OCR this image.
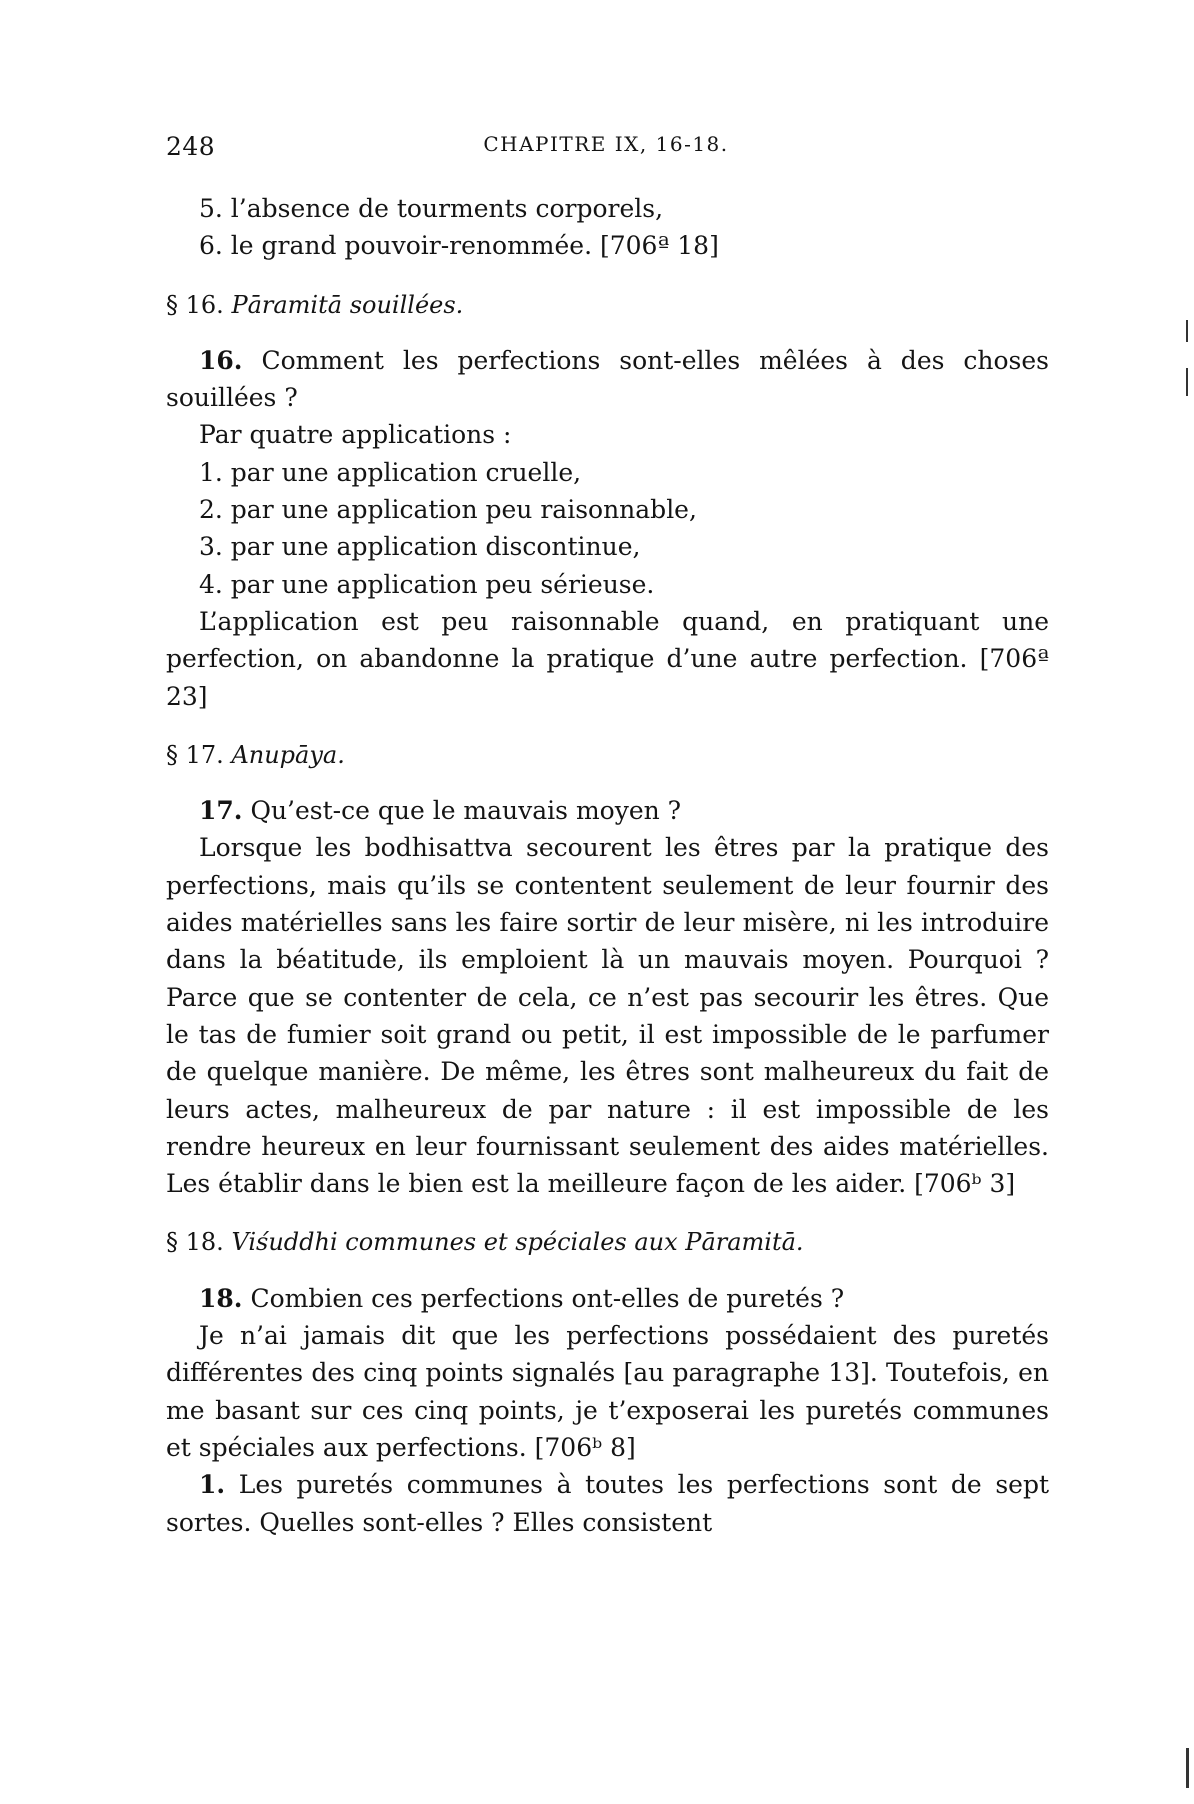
248	CHAPITRE IX, 16-18.

5. l’absence de tourments corporels,

6. le grand pouvoir-renommée. [706ª 18]

§ 16. Pāramitā souillées.

16. Comment les perfections sont-elles mêlées à des choses souillées ?

Par quatre applications :

1. par une application cruelle,

2. par une application peu raisonnable,

3. par une application discontinue,

4. par une application peu sérieuse.

L’application est peu raisonnable quand, en pratiquant une perfection, on abandonne la pratique d’une autre perfection. [706ª 23]

§ 17. Anupāya.

17. Qu’est-ce que le mauvais moyen ?

Lorsque les bodhisattva secourent les êtres par la pratique des perfections, mais qu’ils se contentent seulement de leur fournir des aides matérielles sans les faire sortir de leur misère, ni les introduire dans la béatitude, ils emploient là un mauvais moyen. Pourquoi ? Parce que se contenter de cela, ce n’est pas secourir les êtres. Que le tas de fumier soit grand ou petit, il est impossible de le parfumer de quelque manière. De même, les êtres sont malheureux du fait de leurs actes, malheureux de par nature : il est impossible de les rendre heureux en leur fournissant seulement des aides matérielles. Les établir dans le bien est la meilleure façon de les aider. [706ᵇ 3]

§ 18. Viśuddhi communes et spéciales aux Pāramitā.

18. Combien ces perfections ont-elles de puretés ?

Je n’ai jamais dit que les perfections possédaient des puretés différentes des cinq points signalés [au paragraphe 13]. Toutefois, en me basant sur ces cinq points, je t’exposerai les puretés communes et spéciales aux perfections. [706ᵇ 8]

1. Les puretés communes à toutes les perfections sont de sept sortes. Quelles sont-elles ? Elles consistent
